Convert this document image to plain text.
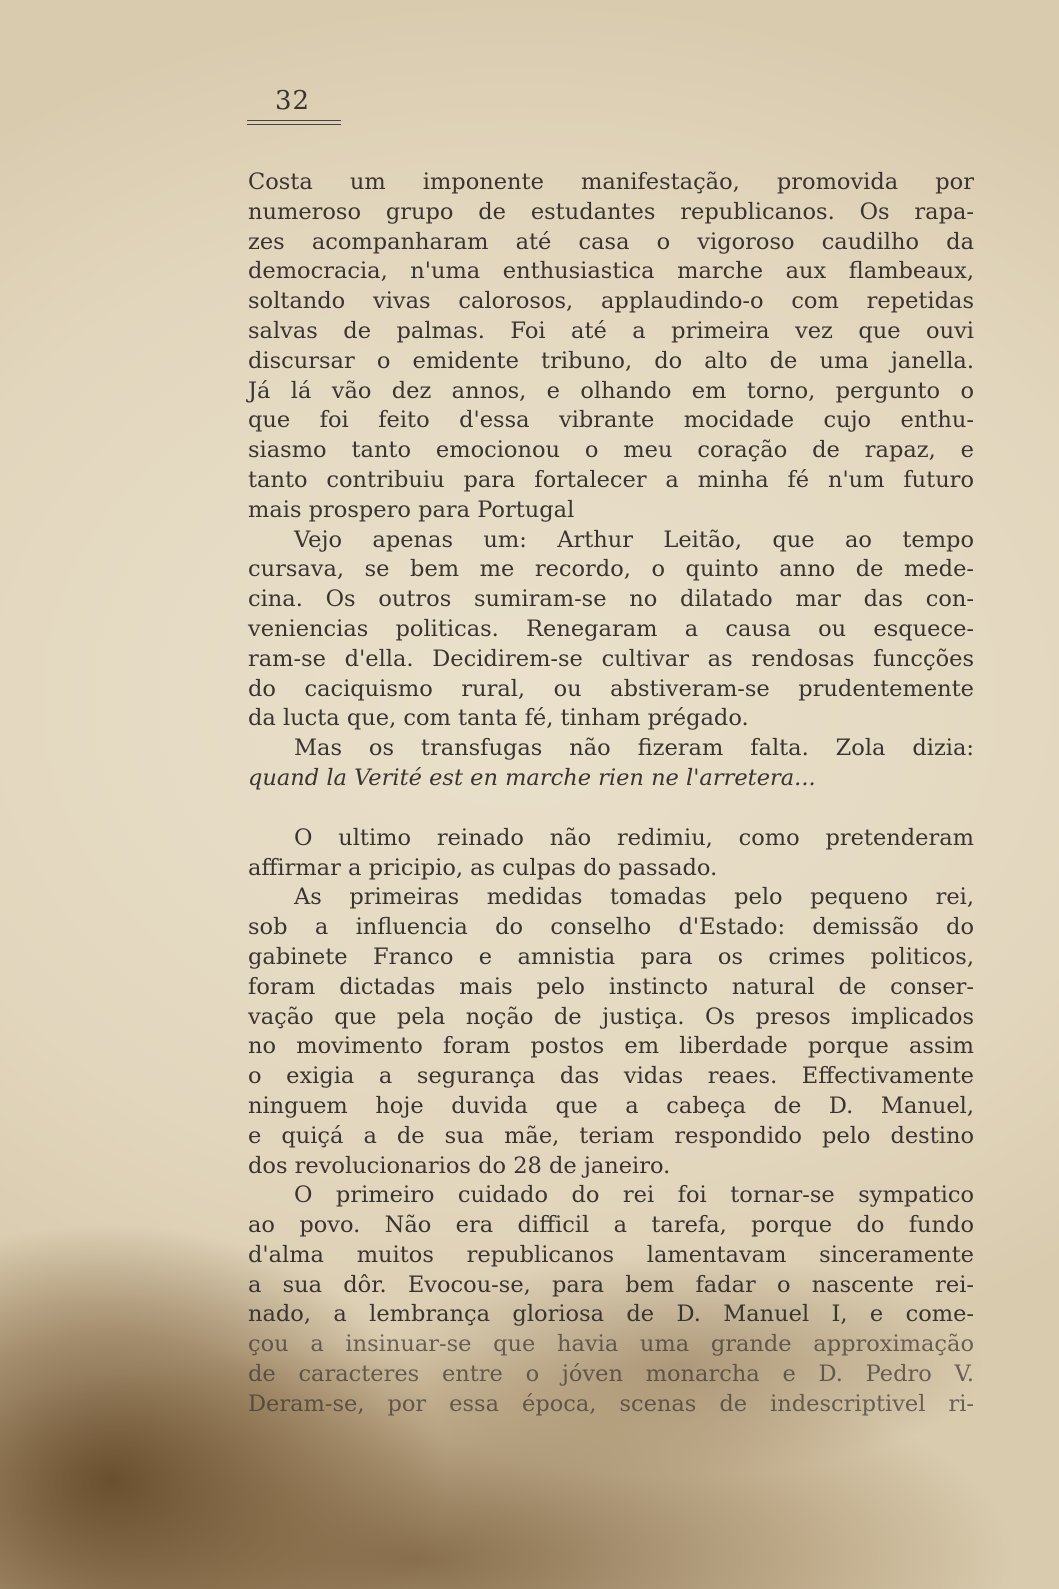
32
Costa um imponente manifestação, promovida por
numeroso grupo de estudantes republicanos. Os rapa-
zes acompanharam até casa o vigoroso caudilho da
democracia, n'uma enthusiastica marche aux flambeaux,
soltando vivas calorosos, applaudindo-o com repetidas
salvas de palmas. Foi até a primeira vez que ouvi
discursar o emidente tribuno, do alto de uma janella.
Já lá vão dez annos, e olhando em torno, pergunto o
que foi feito d'essa vibrante mocidade cujo enthu-
siasmo tanto emocionou o meu coração de rapaz, e
tanto contribuiu para fortalecer a minha fé n'um futuro
mais prospero para Portugal
Vejo apenas um: Arthur Leitão, que ao tempo
cursava, se bem me recordo, o quinto anno de mede-
cina. Os outros sumiram-se no dilatado mar das con-
veniencias politicas. Renegaram a causa ou esquece-
ram-se d'ella. Decidirem-se cultivar as rendosas funcções
do caciquismo rural, ou abstiveram-se prudentemente
da lucta que, com tanta fé, tinham prégado.
Mas os transfugas não fizeram falta. Zola dizia:
quand la Verité est en marche rien ne l'arretera...
O ultimo reinado não redimiu, como pretenderam
affirmar a pricipio, as culpas do passado.
As primeiras medidas tomadas pelo pequeno rei,
sob a influencia do conselho d'Estado: demissão do
gabinete Franco e amnistia para os crimes politicos,
foram dictadas mais pelo instincto natural de conser-
vação que pela noção de justiça. Os presos implicados
no movimento foram postos em liberdade porque assim
o exigia a segurança das vidas reaes. Effectivamente
ninguem hoje duvida que a cabeça de D. Manuel,
e quiçá a de sua mãe, teriam respondido pelo destino
dos revolucionarios do 28 de janeiro.
O primeiro cuidado do rei foi tornar-se sympatico
ao povo. Não era difficil a tarefa, porque do fundo
d'alma muitos republicanos lamentavam sinceramente
a sua dôr. Evocou-se, para bem fadar o nascente rei-
nado, a lembrança gloriosa de D. Manuel I, e come-
çou a insinuar-se que havia uma grande approximação
de caracteres entre o jóven monarcha e D. Pedro V.
Deram-se, por essa época, scenas de indescriptivel ri-
